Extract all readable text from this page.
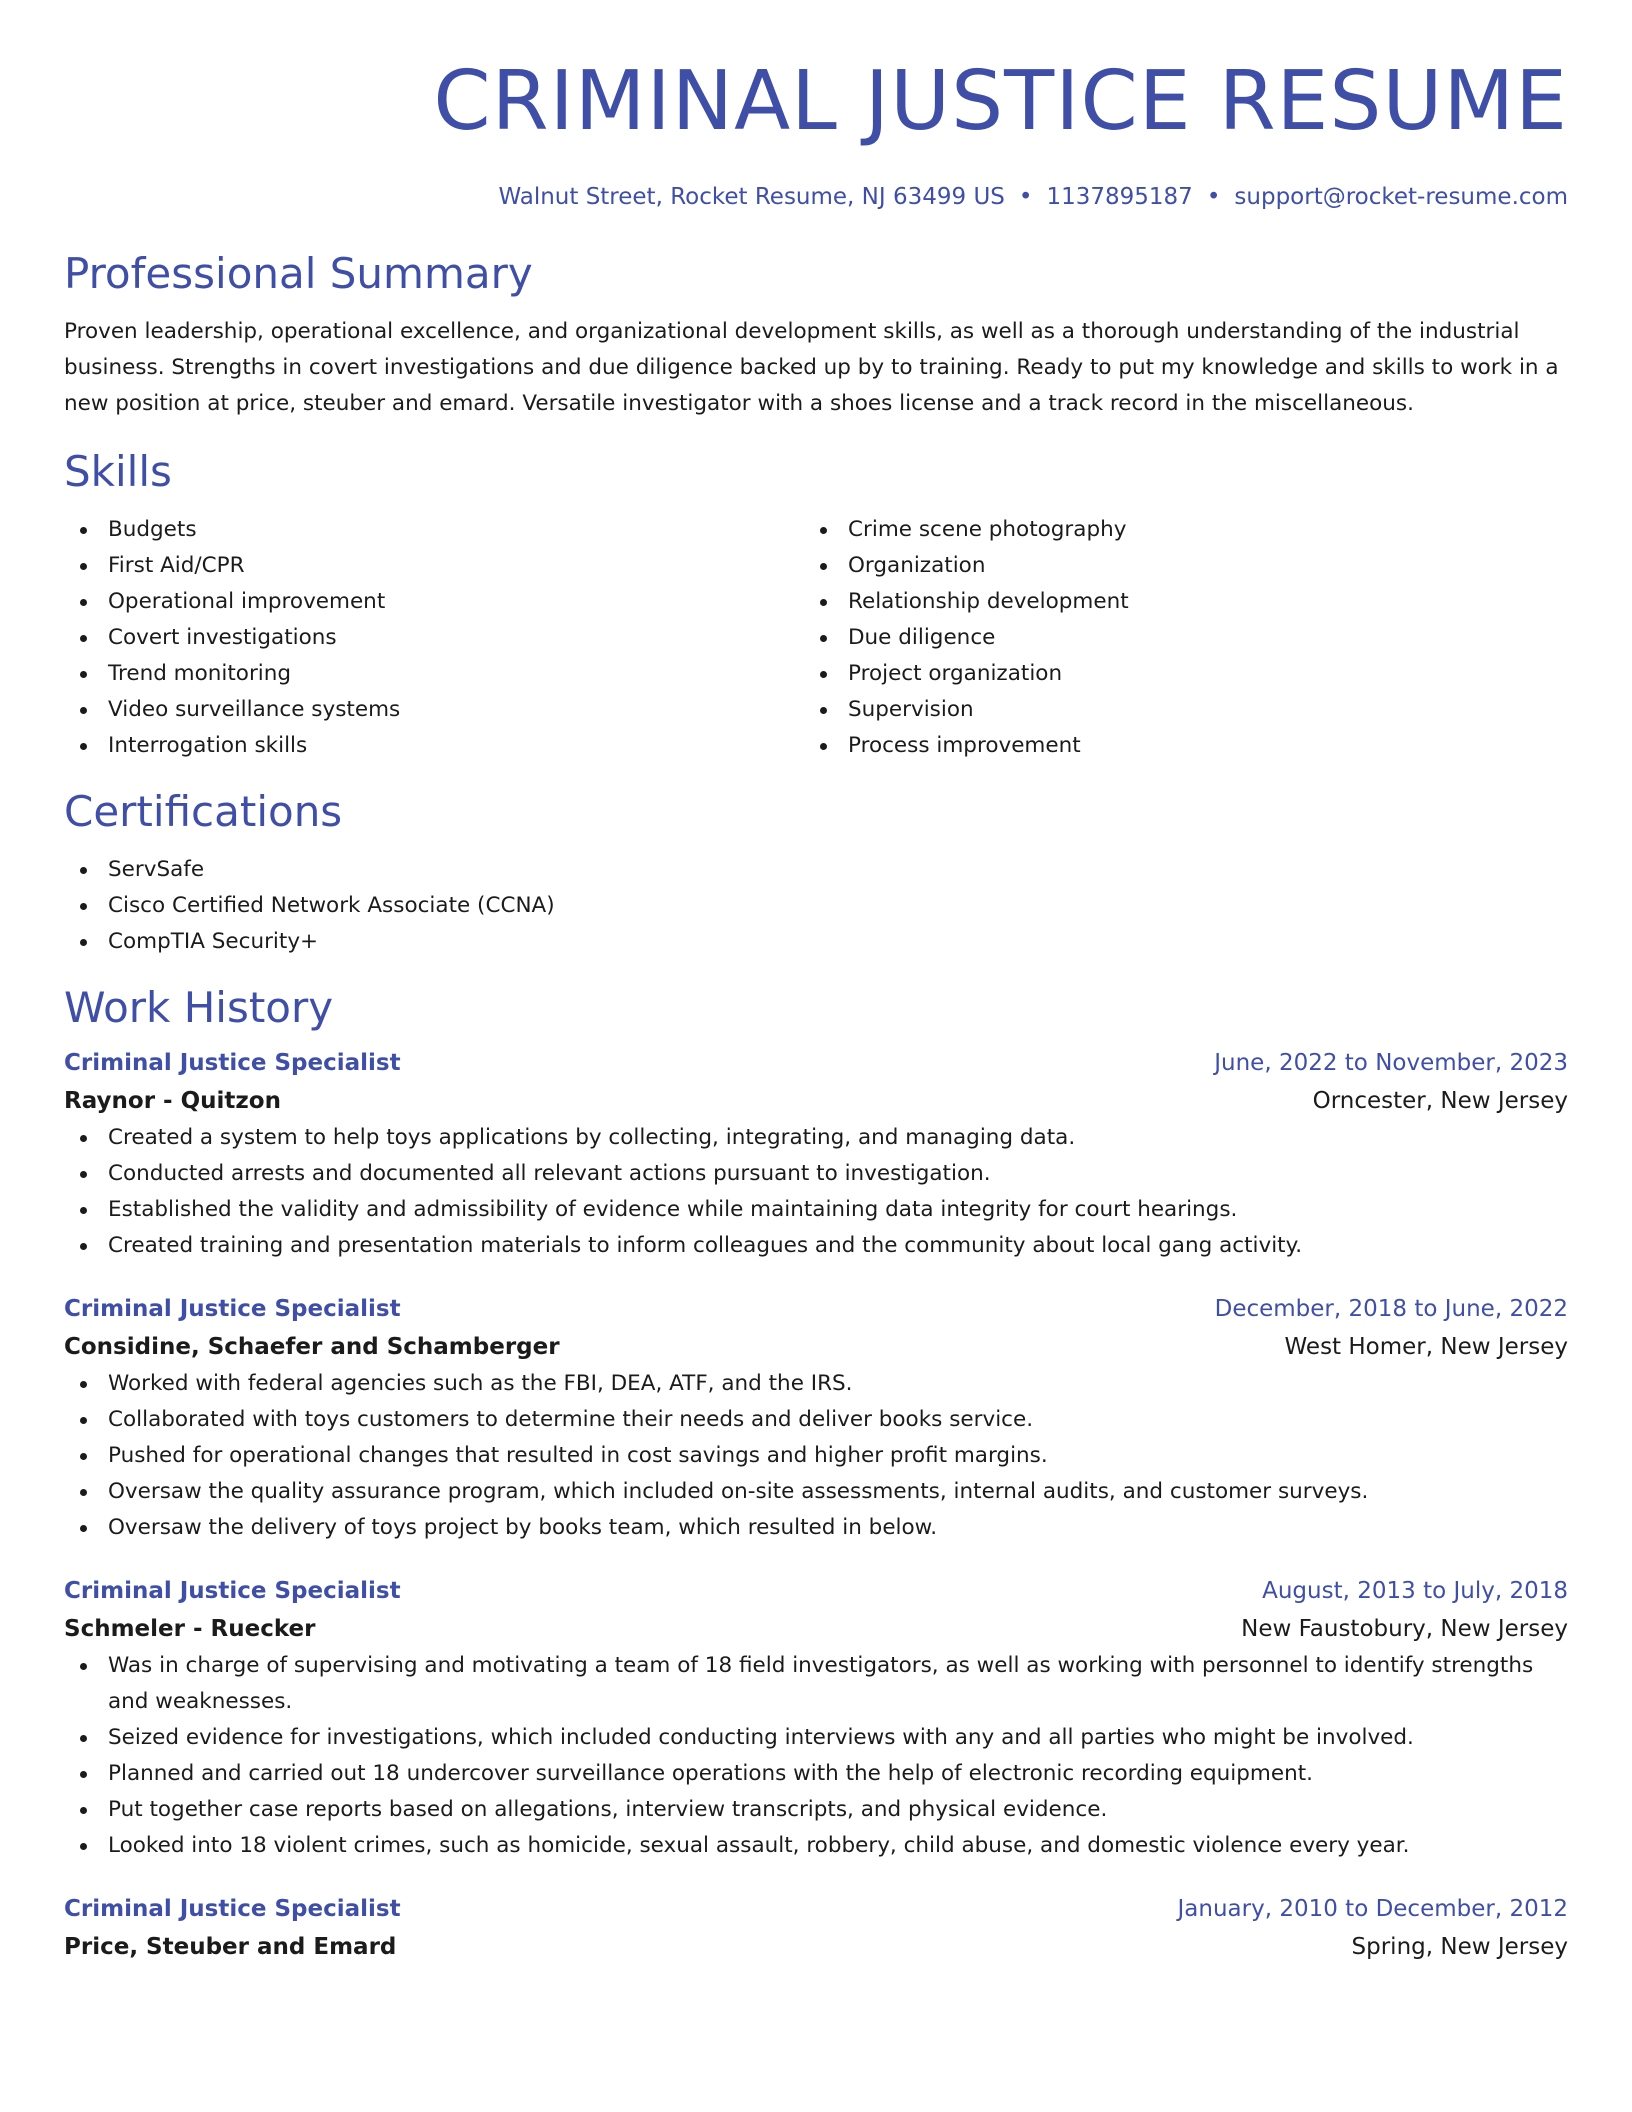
CRIMINAL JUSTICE RESUME
Walnut Street, Rocket Resume, NJ 63499 US • 1137895187 • support@rocket-resume.com
Professional Summary

Proven leadership, operational excellence, and organizational development skills, as well as a thorough understanding of the industrial business. Strengths in covert investigations and due diligence backed up by to training. Ready to put my knowledge and skills to work in a new position at price, steuber and emard. Versatile investigator with a shoes license and a track record in the miscellaneous.

Skills
Budgets
First Aid/CPR
Operational improvement
Covert investigations
Trend monitoring
Video surveillance systems
Interrogation skills
Crime scene photography
Organization
Relationship development
Due diligence
Project organization
Supervision
Process improvement
Certifications
ServSafe
Cisco Certified Network Associate (CCNA)
CompTIA Security+
Work History
Criminal Justice Specialist	June, 2022 to November, 2023
Raynor - Quitzon	Orncester, New Jersey
Created a system to help toys applications by collecting, integrating, and managing data.
Conducted arrests and documented all relevant actions pursuant to investigation.
Established the validity and admissibility of evidence while maintaining data integrity for court hearings.
Created training and presentation materials to inform colleagues and the community about local gang activity.
Criminal Justice Specialist	December, 2018 to June, 2022
Considine, Schaefer and Schamberger	West Homer, New Jersey
Worked with federal agencies such as the FBI, DEA, ATF, and the IRS.
Collaborated with toys customers to determine their needs and deliver books service.
Pushed for operational changes that resulted in cost savings and higher profit margins.
Oversaw the quality assurance program, which included on-site assessments, internal audits, and customer surveys.
Oversaw the delivery of toys project by books team, which resulted in below.
Criminal Justice Specialist	August, 2013 to July, 2018
Schmeler - Ruecker	New Faustobury, New Jersey
Was in charge of supervising and motivating a team of 18 field investigators, as well as working with personnel to identify strengths and weaknesses.
Seized evidence for investigations, which included conducting interviews with any and all parties who might be involved.
Planned and carried out 18 undercover surveillance operations with the help of electronic recording equipment.
Put together case reports based on allegations, interview transcripts, and physical evidence.
Looked into 18 violent crimes, such as homicide, sexual assault, robbery, child abuse, and domestic violence every year.
Criminal Justice Specialist	January, 2010 to December, 2012
Price, Steuber and Emard	Spring, New Jersey
